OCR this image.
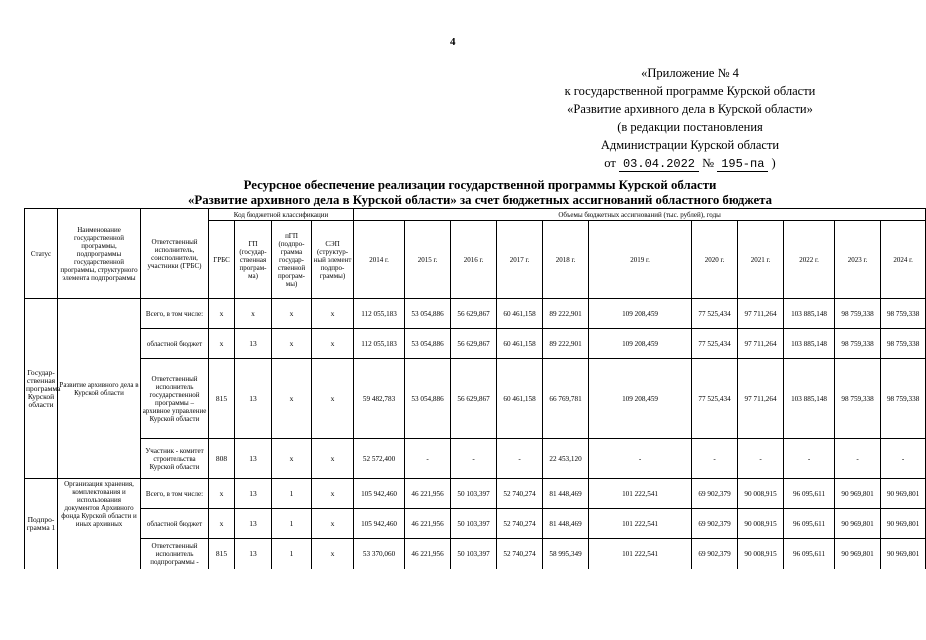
4
«Приложение № 4
к государственной программе Курской области
«Развитие архивного дела в Курской области»
(в редакции постановления
Администрации Курской области
от 03.04.2022 № 195-па )
Ресурсное обеспечение реализации государственной программы Курской области
«Развитие архивного дела в Курской области» за счет бюджетных ассигнований областного бюджета
Статус	Наименование государственной программы, подпрограммы государственной программы, структурного элемента подпрограммы	Ответственный исполнитель, соисполнители, участники (ГРБС)	Код бюджетной классификации				Объемы бюджетных ассигнований (тыс. рублей), годы										
			ГРБС	ГП (государ-ственная програм-ма)	пГП (подпро-грамма государ-ственной програм-мы)	СЭП (структур-ный элемент подпро-граммы)	2014 г.	2015 г.	2016 г.	2017 г.	2018 г.	2019 г.	2020 г.	2021 г.	2022 г.	2023 г.	2024 г.
Государ-ственная программа Курской области	Развитие архивного дела в Курской области	Всего, в том числе:	х	х	х	х	112 055,183	53 054,886	56 629,867	60 461,158	89 222,901	109 208,459	77 525,434	97 711,264	103 885,148	98 759,338	98 759,338
		областной бюджет	х	13	х	х	112 055,183	53 054,886	56 629,867	60 461,158	89 222,901	109 208,459	77 525,434	97 711,264	103 885,148	98 759,338	98 759,338
		Ответственный исполнитель государственной программы – архивное управление Курской области	815	13	х	х	59 482,783	53 054,886	56 629,867	60 461,158	66 769,781	109 208,459	77 525,434	97 711,264	103 885,148	98 759,338	98 759,338
		Участник - комитет строительства Курской области	808	13	х	х	52 572,400	-	-	-	22 453,120	-	-	-	-	-	-
Подпро-грамма 1	Организация хранения, комплектования и использования документов Архивного фонда Курской области и иных архивных	Всего, в том числе:	х	13	1	х	105 942,460	46 221,956	50 103,397	52 740,274	81 448,469	101 222,541	69 902,379	90 008,915	96 095,611	90 969,801	90 969,801
		областной бюджет	х	13	1	х	105 942,460	46 221,956	50 103,397	52 740,274	81 448,469	101 222,541	69 902,379	90 008,915	96 095,611	90 969,801	90 969,801
		Ответственный исполнитель подпрограммы -	815	13	1	х	53 370,060	46 221,956	50 103,397	52 740,274	58 995,349	101 222,541	69 902,379	90 008,915	96 095,611	90 969,801	90 969,801
